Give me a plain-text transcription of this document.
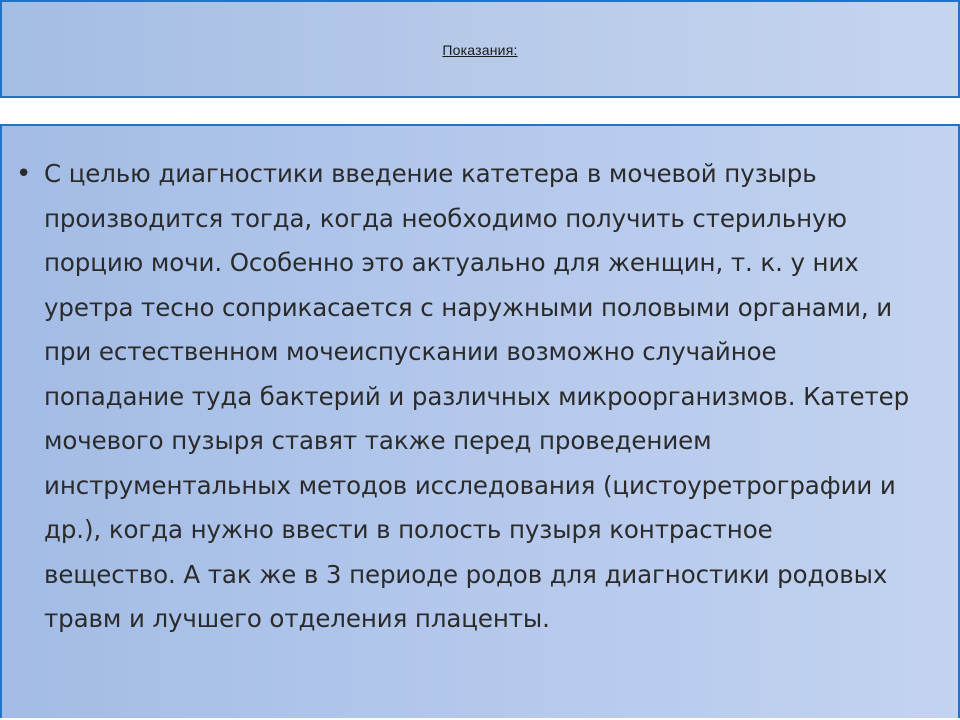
Показания:
• С целью диагностики введение катетера в мочевой пузырь производится тогда, когда необходимо получить стерильную порцию мочи. Особенно это актуально для женщин, т. к. у них уретра тесно соприкасается с наружными половыми органами, и при естественном мочеиспускании возможно случайное попадание туда бактерий и различных микроорганизмов. Катетер мочевого пузыря ставят также перед проведением инструментальных методов исследования (цистоуретрографии и др.), когда нужно ввести в полость пузыря контрастное вещество. А так же в 3 периоде родов для диагностики родовых травм и лучшего отделения плаценты.
